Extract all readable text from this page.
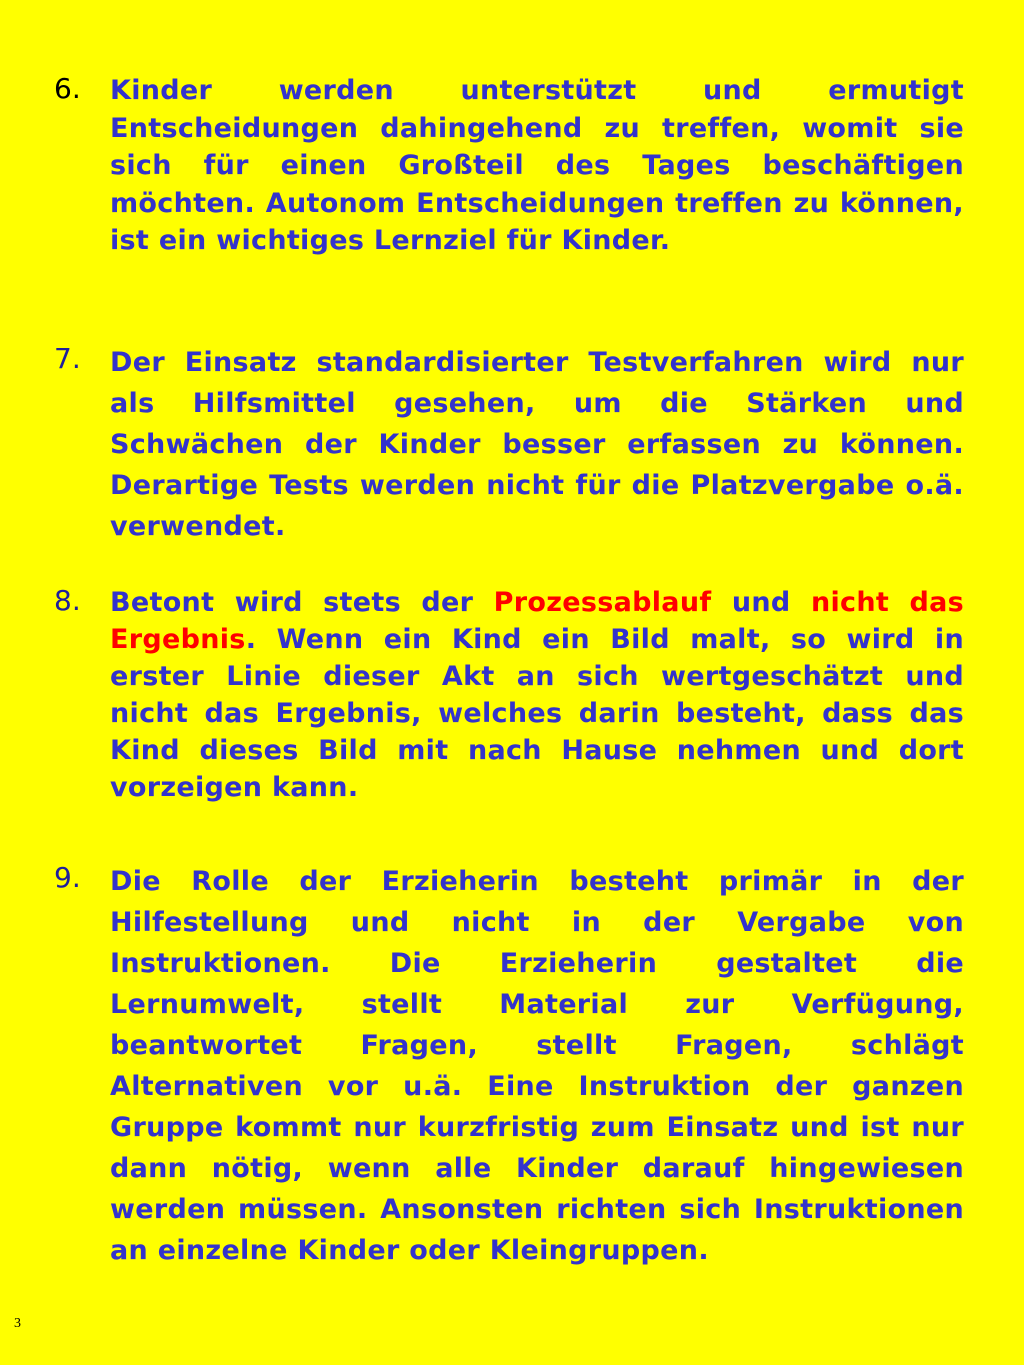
6.	Kinder werden unterstützt und ermutigt Entscheidungen dahingehend zu treffen, womit sie sich für einen Großteil des Tages beschäftigen möchten. Autonom Entscheidungen treffen zu können, ist ein wichtiges Lernziel für Kinder.
7.	Der Einsatz standardisierter Testverfahren wird nur als Hilfsmittel gesehen, um die Stärken und Schwächen der Kinder besser erfassen zu können. Derartige Tests werden nicht für die Platzvergabe o.ä. verwendet.
8.	Betont wird stets der Prozessablauf und nicht das Ergebnis. Wenn ein Kind ein Bild malt, so wird in erster Linie dieser Akt an sich wertgeschätzt und nicht das Ergebnis, welches darin besteht, dass das Kind dieses Bild mit nach Hause nehmen und dort vorzeigen kann.
9.	Die Rolle der Erzieherin besteht primär in der Hilfestellung und nicht in der Vergabe von Instruktionen. Die Erzieherin gestaltet die Lernumwelt, stellt Material zur Verfügung, beantwortet Fragen, stellt Fragen, schlägt Alternativen vor u.ä. Eine Instruktion der ganzen Gruppe kommt nur kurzfristig zum Einsatz und ist nur dann nötig, wenn alle Kinder darauf hingewiesen werden müssen. Ansonsten richten sich Instruktionen an einzelne Kinder oder Kleingruppen.
3
